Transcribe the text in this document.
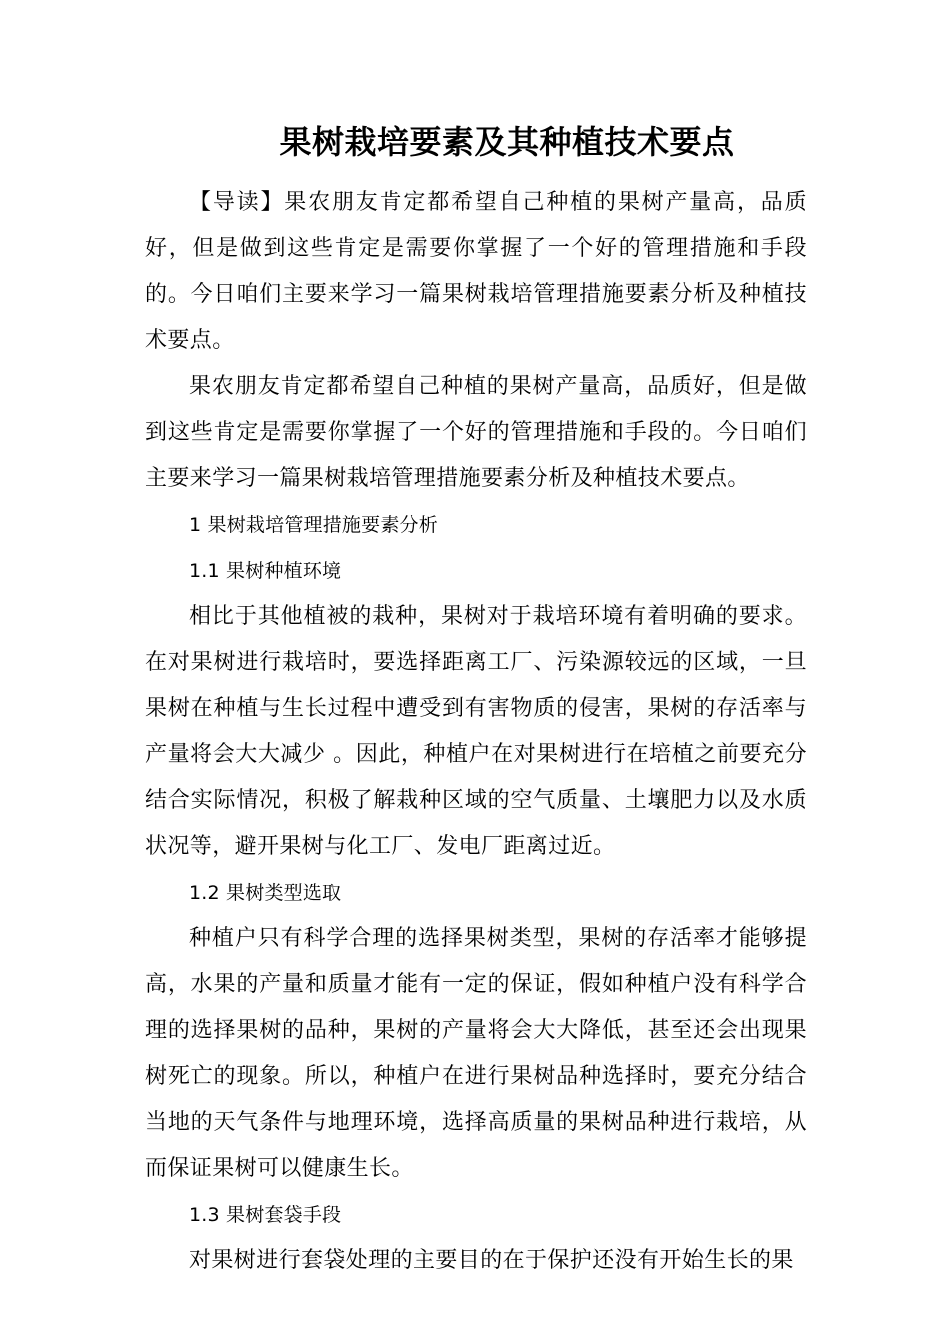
果树栽培要素及其种植技术要点

【导读】果农朋友肯定都希望自己种植的果树产量高，品质好，但是做到这些肯定是需要你掌握了一个好的管理措施和手段的。今日咱们主要来学习一篇果树栽培管理措施要素分析及种植技术要点。

果农朋友肯定都希望自己种植的果树产量高，品质好，但是做到这些肯定是需要你掌握了一个好的管理措施和手段的。今日咱们主要来学习一篇果树栽培管理措施要素分析及种植技术要点。

1 果树栽培管理措施要素分析

1.1 果树种植环境

相比于其他植被的栽种，果树对于栽培环境有着明确的要求。在对果树进行栽培时，要选择距离工厂、污染源较远的区域，一旦果树在种植与生长过程中遭受到有害物质的侵害，果树的存活率与产量将会大大减少 。因此，种植户在对果树进行在培植之前要充分结合实际情况，积极了解栽种区域的空气质量、土壤肥力以及水质状况等，避开果树与化工厂、发电厂距离过近。

1.2 果树类型选取

种植户只有科学合理的选择果树类型，果树的存活率才能够提高，水果的产量和质量才能有一定的保证，假如种植户没有科学合理的选择果树的品种，果树的产量将会大大降低，甚至还会出现果树死亡的现象。所以，种植户在进行果树品种选择时，要充分结合当地的天气条件与地理环境，选择高质量的果树品种进行栽培，从而保证果树可以健康生长。

1.3 果树套袋手段

对果树进行套袋处理的主要目的在于保护还没有开始生长的果
